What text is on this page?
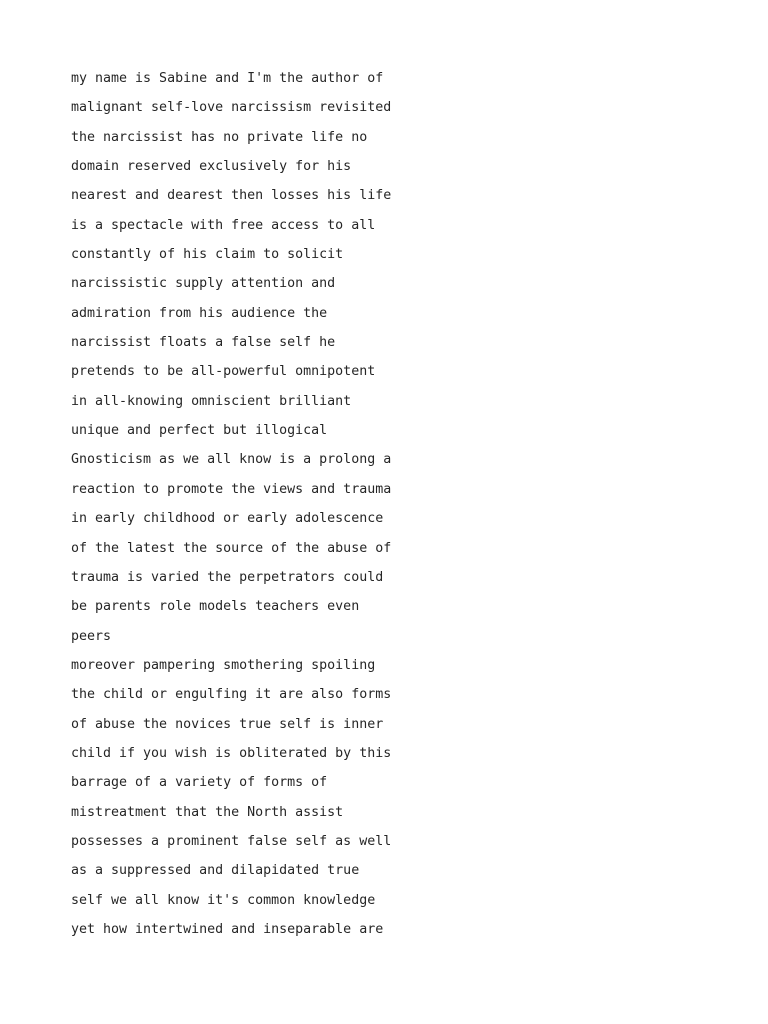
my name is Sabine and I'm the author of
malignant self-love narcissism revisited
the narcissist has no private life no
domain reserved exclusively for his
nearest and dearest then losses his life
is a spectacle with free access to all
constantly of his claim to solicit
narcissistic supply attention and
admiration from his audience the
narcissist floats a false self he
pretends to be all-powerful omnipotent
in all-knowing omniscient brilliant
unique and perfect but illogical
Gnosticism as we all know is a prolong a
reaction to promote the views and trauma
in early childhood or early adolescence
of the latest the source of the abuse of
trauma is varied the perpetrators could
be parents role models teachers even
peers
moreover pampering smothering spoiling
the child or engulfing it are also forms
of abuse the novices true self is inner
child if you wish is obliterated by this
barrage of a variety of forms of
mistreatment that the North assist
possesses a prominent false self as well
as a suppressed and dilapidated true
self we all know it's common knowledge
yet how intertwined and inseparable are
